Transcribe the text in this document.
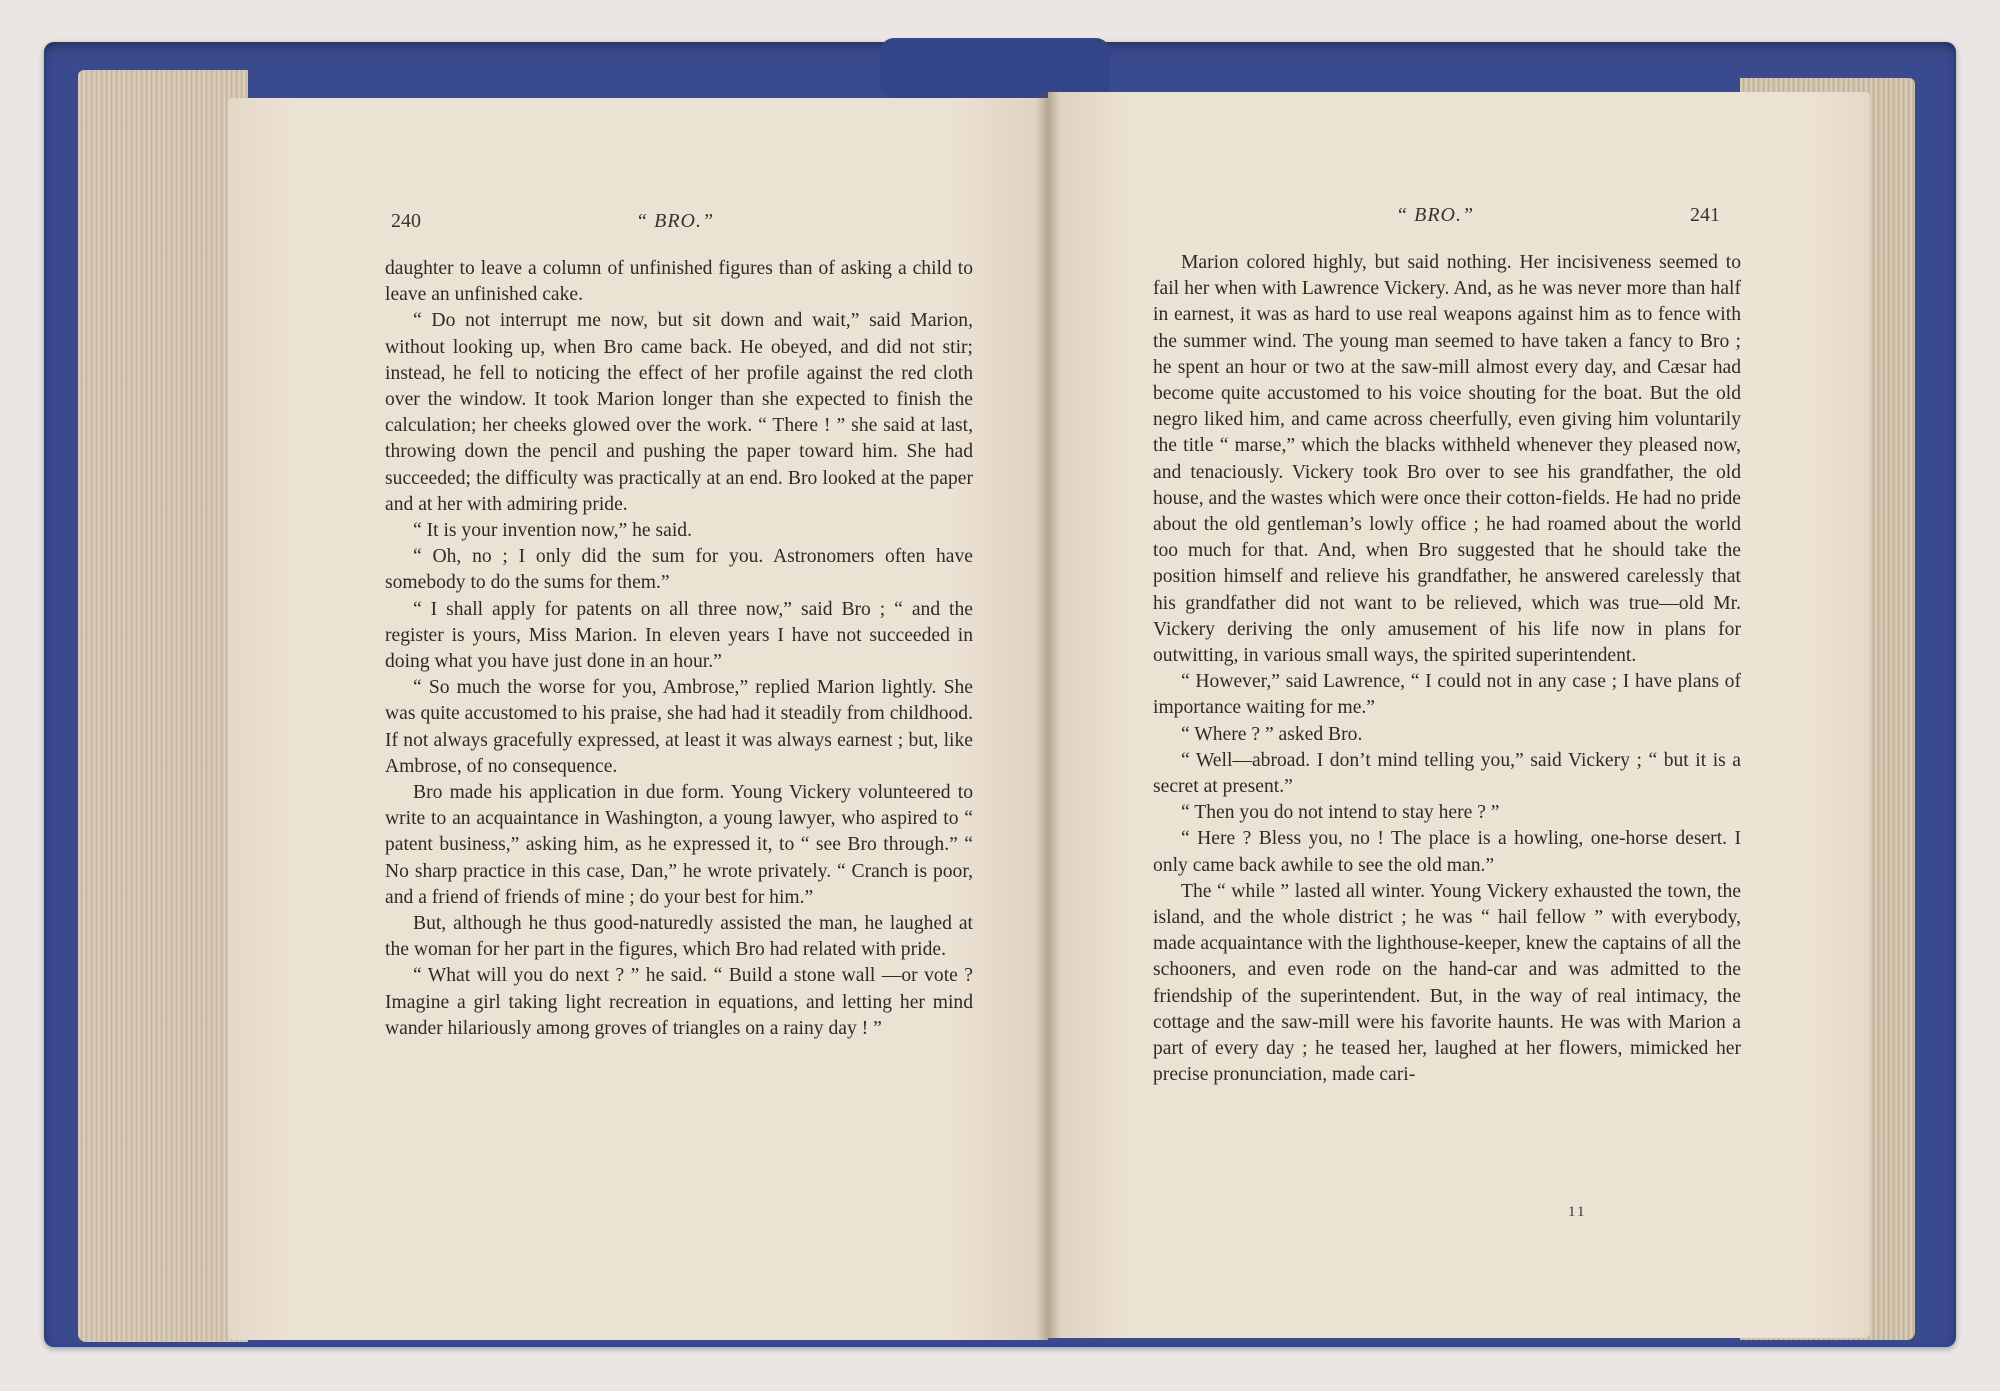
240	“ BRO.”

daughter to leave a column of unfinished figures than of asking a child to leave an unfinished cake.

“ Do not interrupt me now, but sit down and wait,” said Marion, without looking up, when Bro came back. He obeyed, and did not stir; instead, he fell to noticing the effect of her profile against the red cloth over the window. It took Marion longer than she expected to finish the calculation; her cheeks glowed over the work. “ There ! ” she said at last, throwing down the pencil and pushing the paper toward him. She had succeeded; the difficulty was practically at an end. Bro looked at the paper and at her with admiring pride.

“ It is your invention now,” he said.

“ Oh, no ; I only did the sum for you. Astronomers often have somebody to do the sums for them.”

“ I shall apply for patents on all three now,” said Bro ; “ and the register is yours, Miss Marion. In eleven years I have not succeeded in doing what you have just done in an hour.”

“ So much the worse for you, Ambrose,” replied Marion lightly. She was quite accustomed to his praise, she had had it steadily from childhood. If not always gracefully expressed, at least it was always earnest ; but, like Ambrose, of no consequence.

Bro made his application in due form. Young Vickery volunteered to write to an acquaintance in Washington, a young lawyer, who aspired to “ patent business,” asking him, as he expressed it, to “ see Bro through.” “ No sharp practice in this case, Dan,” he wrote privately. “ Cranch is poor, and a friend of friends of mine ; do your best for him.”

But, although he thus good-naturedly assisted the man, he laughed at the woman for her part in the figures, which Bro had related with pride.

“ What will you do next ? ” he said. “ Build a stone wall —or vote ? Imagine a girl taking light recreation in equations, and letting her mind wander hilariously among groves of triangles on a rainy day ! ”

“ BRO.”	241

Marion colored highly, but said nothing. Her incisiveness seemed to fail her when with Lawrence Vickery. And, as he was never more than half in earnest, it was as hard to use real weapons against him as to fence with the summer wind. The young man seemed to have taken a fancy to Bro ; he spent an hour or two at the saw-mill almost every day, and Cæsar had become quite accustomed to his voice shouting for the boat. But the old negro liked him, and came across cheerfully, even giving him voluntarily the title “ marse,” which the blacks withheld whenever they pleased now, and tenaciously. Vickery took Bro over to see his grandfather, the old house, and the wastes which were once their cotton-fields. He had no pride about the old gentleman’s lowly office ; he had roamed about the world too much for that. And, when Bro suggested that he should take the position himself and relieve his grandfather, he answered carelessly that his grandfather did not want to be relieved, which was true—old Mr. Vickery deriving the only amusement of his life now in plans for outwitting, in various small ways, the spirited superintendent.

“ However,” said Lawrence, “ I could not in any case ; I have plans of importance waiting for me.”

“ Where ? ” asked Bro.

“ Well—abroad. I don’t mind telling you,” said Vickery ; “ but it is a secret at present.”

“ Then you do not intend to stay here ? ”

“ Here ? Bless you, no ! The place is a howling, one-horse desert. I only came back awhile to see the old man.”

The “ while ” lasted all winter. Young Vickery exhausted the town, the island, and the whole district ; he was “ hail fellow ” with everybody, made acquaintance with the lighthouse-keeper, knew the captains of all the schooners, and even rode on the hand-car and was admitted to the friendship of the superintendent. But, in the way of real intimacy, the cottage and the saw-mill were his favorite haunts. He was with Marion a part of every day ; he teased her, laughed at her flowers, mimicked her precise pronunciation, made cari-

11
